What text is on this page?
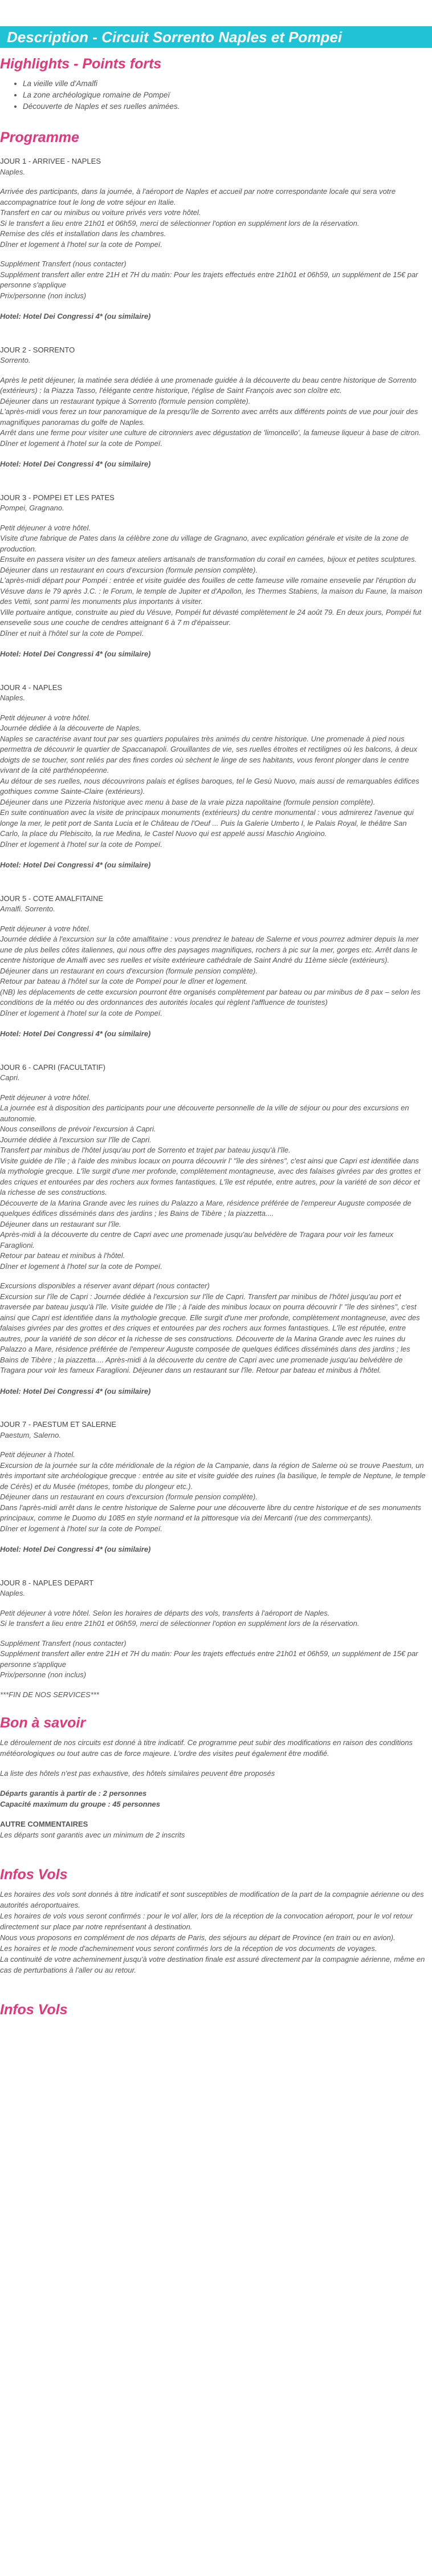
Description - Circuit Sorrento Naples et Pompei
Highlights - Points forts
• La vieille ville d'Amalfi
• La zone archéologique romaine de Pompeï
• Découverte de Naples et ses ruelles animées.
Programme
JOUR 1 - ARRIVEE - NAPLES
Naples.
Arrivée des participants, dans la journée, à l'aéroport de Naples et accueil par notre correspondante locale qui sera votre accompagnatrice tout le long de votre séjour en Italie.
Transfert en car ou minibus ou voiture privés vers votre hôtel.
Si le transfert a lieu entre 21h01 et 06h59, merci de sélectionner l'option en supplément lors de la réservation.
Remise des clés et installation dans les chambres.
Dîner et logement à l'hotel sur la cote de Pompeï.
Supplément Transfert (nous contacter)
Supplément transfert aller entre 21H et 7H du matin: Pour les trajets effectués entre 21h01 et 06h59, un supplément de 15€ par personne s'applique
Prix/personne (non inclus)
Hotel: Hotel Dei Congressi 4* (ou similaire)
JOUR 2 - SORRENTO
Sorrento.
Après le petit déjeuner, la matinée sera dédiée à une promenade guidée à la découverte du beau centre historique de Sorrento (extérieurs) : la Piazza Tasso, l'élégante centre historique, l'église de Saint François avec son cloître etc.
Déjeuner dans un restaurant typique à Sorrento (formule pension complète).
L'après-midi vous ferez un tour panoramique de la presqu'île de Sorrento avec arrêts aux différents points de vue pour jouir des magnifiques panoramas du golfe de Naples.
Arrêt dans une ferme pour visiter une culture de citronniers avec dégustation de 'limoncello', la fameuse liqueur à base de citron.
Dîner et logement à l'hotel sur la cote de Pompeï.
Hotel: Hotel Dei Congressi 4* (ou similaire)
JOUR 3 - POMPEI ET LES PATES
Pompei, Gragnano.
Petit déjeuner à votre hôtel.
Visite d'une fabrique de Pates dans la célèbre zone du village de Gragnano, avec explication générale et visite de la zone de production.
Ensuite en passera visiter un des fameux ateliers artisanals de transformation du corail en camées, bijoux et petites sculptures.
Déjeuner dans un restaurant en cours d'excursion (formule pension complète).
L'après-midi départ pour Pompéi : entrée et visite guidée des fouilles de cette fameuse ville romaine ensevelie par l'éruption du Vésuve dans le 79 après J.C. : le Forum, le temple de Jupiter et d'Apollon, les Thermes Stabiens, la maison du Faune, la maison des Vettii, sont parmi les monuments plus importants à visiter.
Ville portuaire antique, construite au pied du Vésuve, Pompéi fut dévasté complètement le 24 août 79. En deux jours, Pompéi fut ensevelie sous une couche de cendres atteignant 6 à 7 m d'épaisseur.
Dîner et nuit à l'hôtel sur la cote de Pompeï.
Hotel: Hotel Dei Congressi 4* (ou similaire)
JOUR 4 - NAPLES
Naples.
Petit déjeuner à votre hôtel.
Journée dédiée à la découverte de Naples.
Naples se caractérise avant tout par ses quartiers populaires très animés du centre historique. Une promenade à pied nous permettra de découvrir le quartier de Spaccanapoli. Grouillantes de vie, ses ruelles étroites et rectilignes où les balcons, à deux doigts de se toucher, sont reliés par des fines cordes où sèchent le linge de ses habitants, vous feront plonger dans le centre vivant de la cité parthénopéenne.
Au détour de ses ruelles, nous découvrirons palais et églises baroques, tel le Gesù Nuovo, mais aussi de remarquables édifices gothiques comme Sainte-Claire (extérieurs).
Déjeuner dans une Pizzeria historique avec menu à base de la vraie pizza napolitaine (formule pension complète).
En suite continuation avec la visite de principaux monuments (extérieurs) du centre monumental : vous admirerez l'avenue qui longe la mer, le petit port de Santa Lucia et le Château de l'Oeuf ... Puis la Galerie Umberto I, le Palais Royal, le théâtre San Carlo, la place du Plebiscito, la rue Medina, le Castel Nuovo qui est appelé aussi Maschio Angioino.
Dîner et logement à l'hotel sur la cote de Pompeï.
Hotel: Hotel Dei Congressi 4* (ou similaire)
JOUR 5 - COTE AMALFITAINE
Amalfi. Sorrento.
Petit déjeuner à votre hôtel.
Journée dédiée à l'excursion sur la côte amalfitaine : vous prendrez le bateau de Salerne et vous pourrez admirer depuis la mer une de plus belles côtes italiennes, qui nous offre des paysages magnifiques, rochers à pic sur la mer, gorges etc. Arrêt dans le centre historique de Amalfi avec ses ruelles et visite extérieure cathédrale de Saint André du 11ème siècle (extérieurs).
Déjeuner dans un restaurant en cours d'excursion (formule pension complète).
Retour par bateau à l'hôtel sur la cote de Pompeï pour le dîner et logement.
(NB) les déplacements de cette excursion pourront être organisés complètement par bateau ou par minibus de 8 pax – selon les conditions de la météo ou des ordonnances des autorités locales qui règlent l'affluence de touristes)
Dîner et logement à l'hotel sur la cote de Pompeï.
Hotel: Hotel Dei Congressi 4* (ou similaire)
JOUR 6 - CAPRI (FACULTATIF)
Capri.
Petit déjeuner à votre hôtel.
La journée est à disposition des participants pour une découverte personnelle de la ville de séjour ou pour des excursions en autonomie.
Nous conseillons de prévoir l'excursion à Capri.
Journée dédiée à l'excursion sur l'île de Capri.
Transfert par minibus de l'hôtel jusqu'au port de Sorrento et trajet par bateau jusqu'à l'île.
Visite guidée de l'île ; à l'aide des minibus locaux on pourra découvrir l' "île des sirènes", c'est ainsi que Capri est identifiée dans la mythologie grecque. L'île surgit d'une mer profonde, complètement montagneuse, avec des falaises givrées par des grottes et des criques et entourées par des rochers aux formes fantastiques. L'île est réputée, entre autres, pour la variété de son décor et la richesse de ses constructions.
Découverte de la Marina Grande avec les ruines du Palazzo a Mare, résidence préférée de l'empereur Auguste composée de quelques édifices disséminés dans des jardins ; les Bains de Tibère ; la piazzetta....
Déjeuner dans un restaurant sur l'île.
Après-midi à la découverte du centre de Capri avec une promenade jusqu'au belvédère de Tragara pour voir les fameux Faraglioni.
Retour par bateau et minibus à l'hôtel.
Dîner et logement à l'hotel sur la cote de Pompeï.
Excursions disponibles a réserver avant départ (nous contacter)
Excursion sur l'île de Capri : Journée dédiée à l'excursion sur l'île de Capri. Transfert par minibus de l'hôtel jusqu'au port et traversée par bateau jusqu'à l'île. Visite guidée de l'île ; à l'aide des minibus locaux on pourra découvrir l' "île des sirènes", c'est ainsi que Capri est identifiée dans la mythologie grecque. Elle surgit d'une mer profonde, complètement montagneuse, avec des falaises givrées par des grottes et des criques et entourées par des rochers aux formes fantastiques. L'île est réputée, entre autres, pour la variété de son décor et la richesse de ses constructions. Découverte de la Marina Grande avec les ruines du Palazzo a Mare, résidence préférée de l'empereur Auguste composée de quelques édifices disséminés dans des jardins ; les Bains de Tibère ; la piazzetta.... Après-midi à la découverte du centre de Capri avec une promenade jusqu'au belvédère de Tragara pour voir les fameux Faraglioni. Déjeuner dans un restaurant sur l'île. Retour par bateau et minibus à l'hôtel.
Hotel: Hotel Dei Congressi 4* (ou similaire)
JOUR 7 - PAESTUM ET SALERNE
Paestum, Salerno.
Petit déjeuner à l'hotel.
Excursion de la journée sur la côte méridionale de la région de la Campanie, dans la région de Salerne où se trouve Paestum, un très important site archéologique grecque : entrée au site et visite guidée des ruines (la basilique, le temple de Neptune, le temple de Cérès) et du Musée (métopes, tombe du plongeur etc.).
Déjeuner dans un restaurant en cours d'excursion (formule pension complète).
Dans l'après-midi arrêt dans le centre historique de Salerne pour une découverte libre du centre historique et de ses monuments principaux, comme le Duomo du 1085 en style normand et la pittoresque via dei Mercanti (rue des commerçants).
Dîner et logement à l'hotel sur la cote de Pompeï.
Hotel: Hotel Dei Congressi 4* (ou similaire)
JOUR 8 - NAPLES DEPART
Naples.
Petit déjeuner à votre hôtel. Selon les horaires de départs des vols, transferts à l'aéroport de Naples.
Si le transfert a lieu entre 21h01 et 06h59, merci de sélectionner l'option en supplément lors de la réservation.
Supplément Transfert (nous contacter)
Supplément transfert aller entre 21H et 7H du matin: Pour les trajets effectués entre 21h01 et 06h59, un supplément de 15€ par personne s'applique
Prix/personne (non inclus)
***FIN DE NOS SERVICES***
Bon à savoir
Le déroulement de nos circuits est donné à titre indicatif. Ce programme peut subir des modifications en raison des conditions météorologiques ou tout autre cas de force majeure. L'ordre des visites peut également être modifié.
La liste des hôtels n'est pas exhaustive, des hôtels similaires peuvent être proposés
Départs garantis à partir de : 2 personnes
Capacité maximum du groupe : 45 personnes
AUTRE COMMENTAIRES
Les départs sont garantis avec un minimum de 2 inscrits
Infos Vols
Les horaires des vols sont donnés à titre indicatif et sont susceptibles de modification de la part de la compagnie aérienne ou des autorités aéroportuaires.
Les horaires de vols vous seront confirmés : pour le vol aller, lors de la réception de la convocation aéroport, pour le vol retour directement sur place par notre représentant à destination.
Nous vous proposons en complément de nos départs de Paris, des séjours au départ de Province (en train ou en avion).
Les horaires et le mode d'acheminement vous seront confirmés lors de la réception de vos documents de voyages.
La continuité de votre acheminement jusqu'à votre destination finale est assuré directement par la compagnie aérienne, même en cas de perturbations à l'aller ou au retour.
Infos Vols
